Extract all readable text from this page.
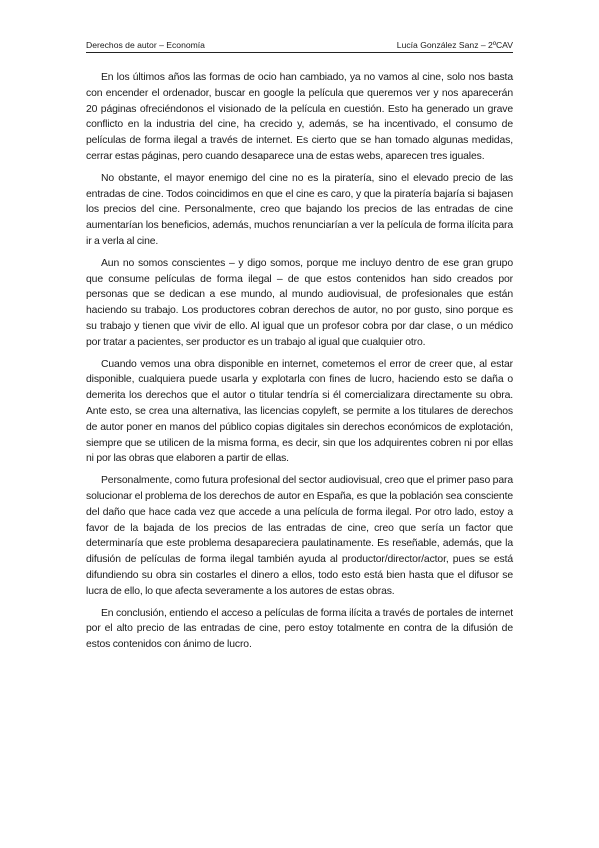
Derechos de autor – Economía	Lucía González Sanz – 2ºCAV

En los últimos años las formas de ocio han cambiado, ya no vamos al cine, solo nos basta con encender el ordenador, buscar en google la película que queremos ver y nos aparecerán 20 páginas ofreciéndonos el visionado de la película en cuestión. Esto ha generado un grave conflicto en la industria del cine, ha crecido y, además, se ha incentivado, el consumo de películas de forma ilegal a través de internet. Es cierto que se han tomado algunas medidas, cerrar estas páginas, pero cuando desaparece una de estas webs, aparecen tres iguales.

No obstante, el mayor enemigo del cine no es la piratería, sino el elevado precio de las entradas de cine. Todos coincidimos en que el cine es caro, y que la piratería bajaría si bajasen los precios del cine. Personalmente, creo que bajando los precios de las entradas de cine aumentarían los beneficios, además, muchos renunciarían a ver la película de forma ilícita para ir a verla al cine.

Aun no somos conscientes – y digo somos, porque me incluyo dentro de ese gran grupo que consume películas de forma ilegal – de que estos contenidos han sido creados por personas que se dedican a ese mundo, al mundo audiovisual, de profesionales que están haciendo su trabajo. Los productores cobran derechos de autor, no por gusto, sino porque es su trabajo y tienen que vivir de ello. Al igual que un profesor cobra por dar clase, o un médico por tratar a pacientes, ser productor es un trabajo al igual que cualquier otro.

Cuando vemos una obra disponible en internet, cometemos el error de creer que, al estar disponible, cualquiera puede usarla y explotarla con fines de lucro, haciendo esto se daña o demerita los derechos que el autor o titular tendría si él comercializara directamente su obra. Ante esto, se crea una alternativa, las licencias copyleft, se permite a los titulares de derechos de autor poner en manos del público copias digitales sin derechos económicos de explotación, siempre que se utilicen de la misma forma, es decir, sin que los adquirentes cobren ni por ellas ni por las obras que elaboren a partir de ellas.

Personalmente, como futura profesional del sector audiovisual, creo que el primer paso para solucionar el problema de los derechos de autor en España, es que la población sea consciente del daño que hace cada vez que accede a una película de forma ilegal. Por otro lado, estoy a favor de la bajada de los precios de las entradas de cine, creo que sería un factor que determinaría que este problema desapareciera paulatinamente. Es reseñable, además, que la difusión de películas de forma ilegal también ayuda al productor/director/actor, pues se está difundiendo su obra sin costarles el dinero a ellos, todo esto está bien hasta que el difusor se lucra de ello, lo que afecta severamente a los autores de estas obras.

En conclusión, entiendo el acceso a películas de forma ilícita a través de portales de internet por el alto precio de las entradas de cine, pero estoy totalmente en contra de la difusión de estos contenidos con ánimo de lucro.
